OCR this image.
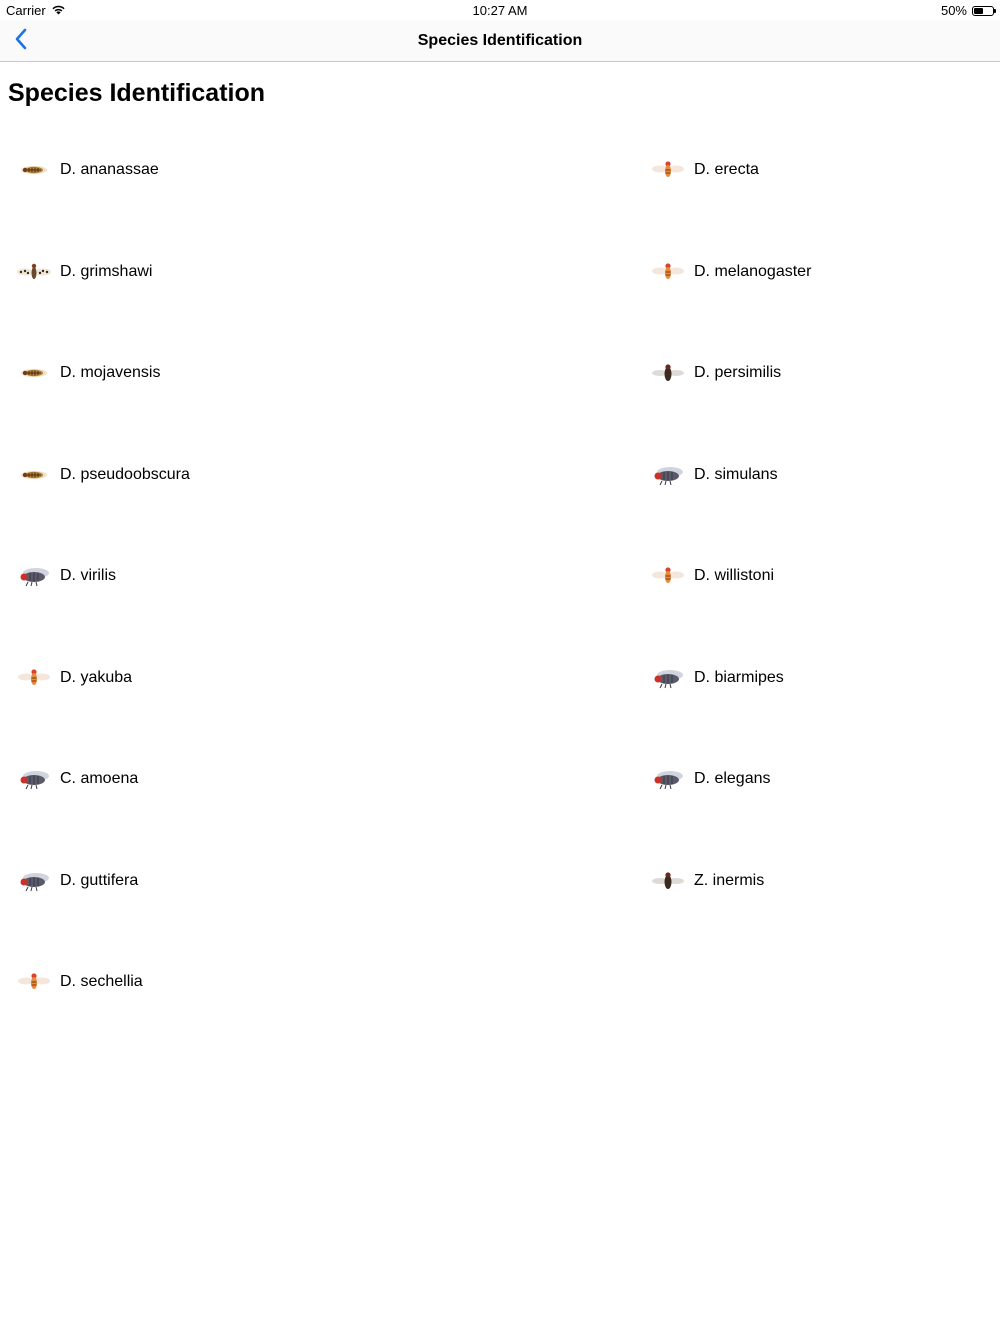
Carrier	10:27 AM	50%
Species Identification
Species Identification
D. ananassae	D. erecta
D. grimshawi	D. melanogaster
D. mojavensis	D. persimilis
D. pseudoobscura	D. simulans
D. virilis	D. willistoni
D. yakuba	D. biarmipes
C. amoena	D. elegans
D. guttifera	Z. inermis
D. sechellia
